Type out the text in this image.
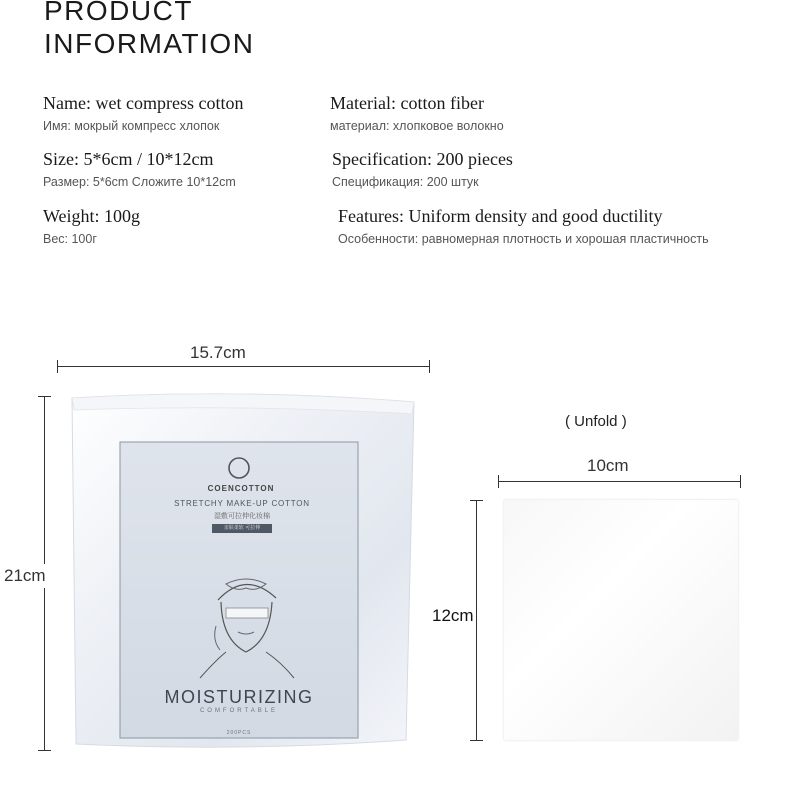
PRODUCT
INFORMATION
Name: wet compress cotton
Имя: мокрый компресс хлопок
Material: cotton fiber
материал: хлопковое волокно
Size: 5*6cm / 10*12cm
Размер: 5*6cm Сложите 10*12cm
Specification: 200 pieces
Спецификация: 200 штук
Weight: 100g
Вес: 100г
Features: Uniform density and good ductility
Особенности: равномерная плотность и хорошая пластичность
15.7cm
21cm
COENCOTTON
STRETCHY MAKE-UP COTTON
湿敷可拉伸化妆棉
亲肤柔软 可拉伸
MOISTURIZING
COMFORTABLE
200PCS
( Unfold )
10cm
12cm
